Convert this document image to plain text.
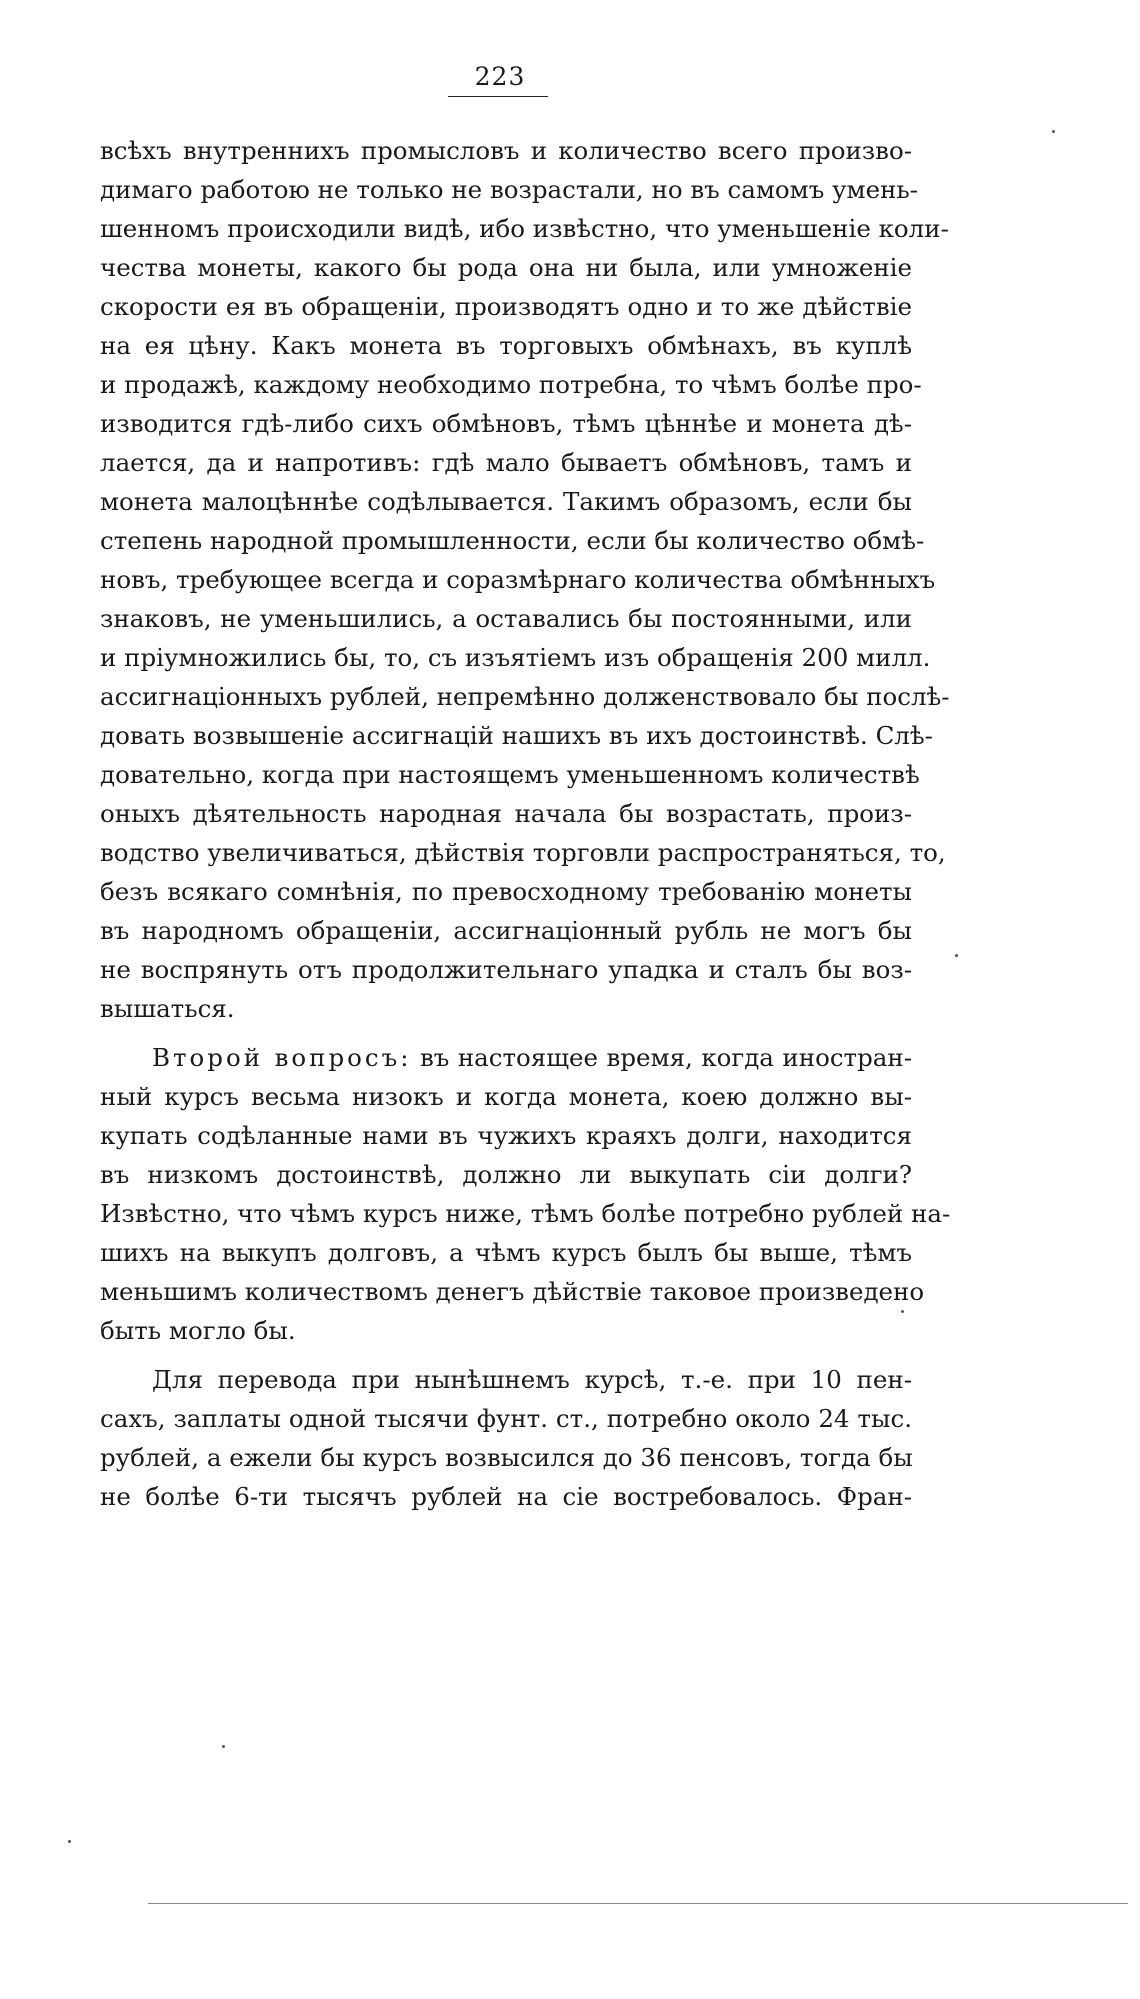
223
всѣхъ внутреннихъ промысловъ и количество всего произво-
димаго работою не только не возрастали, но въ самомъ умень-
шенномъ происходили видѣ, ибо извѣстно, что уменьшеніе коли-
чества монеты, какого бы рода она ни была, или умноженіе
скорости ея въ обращеніи, производятъ одно и то же дѣйствіе
на ея цѣну. Какъ монета въ торговыхъ обмѣнахъ, въ куплѣ
и продажѣ, каждому необходимо потребна, то чѣмъ болѣе про-
изводится гдѣ-либо сихъ обмѣновъ, тѣмъ цѣннѣе и монета дѣ-
лается, да и напротивъ: гдѣ мало бываетъ обмѣновъ, тамъ и
монета малоцѣннѣе содѣлывается. Такимъ образомъ, если бы
степень народной промышленности, если бы количество обмѣ-
новъ, требующее всегда и соразмѣрнаго количества обмѣнныхъ
знаковъ, не уменьшились, а оставались бы постоянными, или
и пріумножились бы, то, съ изъятіемъ изъ обращенія 200 милл.
ассигнаціонныхъ рублей, непремѣнно долженствовало бы послѣ-
довать возвышеніе ассигнацій нашихъ въ ихъ достоинствѣ. Слѣ-
довательно, когда при настоящемъ уменьшенномъ количествѣ
оныхъ дѣятельность народная начала бы возрастать, произ-
водство увеличиваться, дѣйствія торговли распространяться, то,
безъ всякаго сомнѣнія, по превосходному требованію монеты
въ народномъ обращеніи, ассигнаціонный рубль не могъ бы
не воспрянуть отъ продолжительнаго упадка и сталъ бы воз-
вышаться.
Второй вопросъ: въ настоящее время, когда иностран-
ный курсъ весьма низокъ и когда монета, коею должно вы-
купать содѣланные нами въ чужихъ краяхъ долги, находится
въ низкомъ достоинствѣ, должно ли выкупать сіи долги?
Извѣстно, что чѣмъ курсъ ниже, тѣмъ болѣе потребно рублей на-
шихъ на выкупъ долговъ, а чѣмъ курсъ былъ бы выше, тѣмъ
меньшимъ количествомъ денегъ дѣйствіе таковое произведено
быть могло бы.
Для перевода при нынѣшнемъ курсѣ, т.-е. при 10 пен-
сахъ, заплаты одной тысячи фунт. ст., потребно около 24 тыс.
рублей, а ежели бы курсъ возвысился до 36 пенсовъ, тогда бы
не болѣе 6-ти тысячъ рублей на сіе востребовалось. Фран-
